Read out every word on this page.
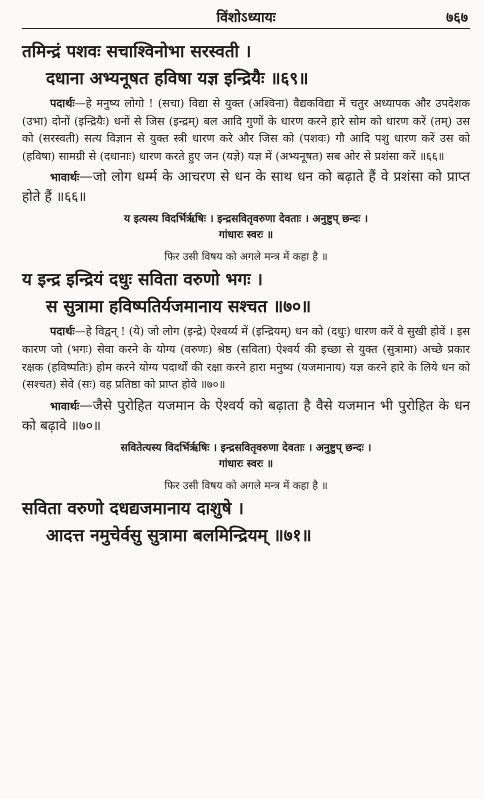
विंशोऽध्यायः	७६७
तमिन्द्रं पशवः सचाश्विनोभा सरस्वती ।
दधाना अभ्यनूषत हविषा यज्ञ इन्द्रियैः ॥६९॥
पदार्थः—हे मनुष्य लोगो ! (सचा) विद्या से युक्त (अश्विना) वैद्यकविद्या में चतुर अध्यापक और उपदेशक (उभा) दोनों (इन्द्रियैः) धनों से जिस (इन्द्रम्) बल आदि गुणों के धारण करने हारे सोम को धारण करें (तम्) उस को (सरस्वती) सत्य विज्ञान से युक्त स्त्री धारण करे और जिस को (पशवः) गौ आदि पशु धारण करें उस को (हविषा) सामग्री से (दधानाः) धारण करते हुए जन (यज्ञे) यज्ञ में (अभ्यनूषत) सब ओर से प्रशंसा करें ॥६६॥
भावार्थः—जो लोग धर्म्म के आचरण से धन के साथ धन को बढ़ाते हैं वे प्रशंसा को प्राप्त होते हैं ॥६६॥
य इत्यस्य विदर्भिर्ऋषिः । इन्द्रसवितृवरुणा देवताः । अनुष्टुप् छन्दः ।
गांधारः स्वरः ॥
फिर उसी विषय को अगले मन्त्र में कहा है ॥
य इन्द्र इन्द्रियं दधुः सविता वरुणो भगः ।
स सुत्रामा हविष्पतिर्यजमानाय सश्चत ॥७०॥
पदार्थः—हे विद्वन् ! (ये) जो लोग (इन्द्रे) ऐश्वर्य्य में (इन्द्रियम्) धन को (दधुः) धारण करें वे सुखी होवें । इस कारण जो (भगः) सेवा करने के योग्य (वरुणः) श्रेष्ठ (सविता) ऐश्वर्य की इच्छा से युक्त (सुत्रामा) अच्छे प्रकार रक्षक (हविष्पतिः) होम करने योग्य पदार्थों की रक्षा करने हारा मनुष्य (यजमानाय) यज्ञ करने हारे के लिये धन को (सश्चत) सेवे (सः) वह प्रतिष्ठा को प्राप्त होवे ॥७०॥
भावार्थः—जैसे पुरोहित यजमान के ऐश्वर्य को बढ़ाता है वैसे यजमान भी पुरोहित के धन को बढ़ावे ॥७०॥
सवितेत्यस्य विदर्भिर्ऋषिः । इन्द्रसवितृवरुणा देवताः । अनुष्टुप् छन्दः ।
गांधारः स्वरः ॥
फिर उसी विषय को अगले मन्त्र में कहा है ॥
सविता वरुणो दधद्यजमानाय दाशुषे ।
आदत्त नमुचेर्वसु सुत्रामा बलमिन्द्रियम् ॥७१॥
